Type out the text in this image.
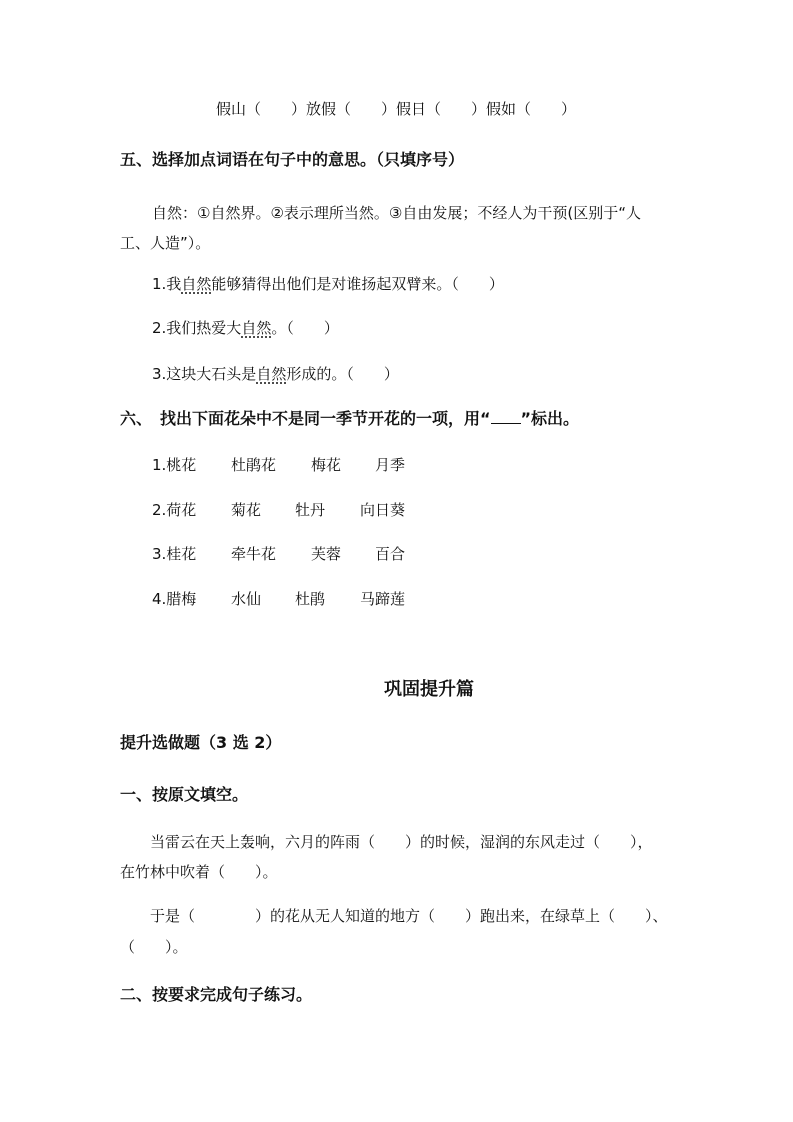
假山（　　）放假（　　）假日（　　）假如（　　）
五、选择加点词语在句子中的意思。（只填序号）
自然：①自然界。②表示理所当然。③自由发展；不经人为干预(区别于“人
工、人造”）。
1.我自然能够猜得出他们是对谁扬起双臂来。（　　）
2.我们热爱大自然。（　　）
3.这块大石头是自然形成的。（　　）
六、　找出下面花朵中不是同一季节开花的一项，用“ ”标出。
1.桃花 杜鹃花 梅花 月季
2.荷花 菊花 牡丹 向日葵
3.桂花 牵牛花 芙蓉 百合
4.腊梅 水仙 杜鹃 马蹄莲
巩固提升篇
提升选做题（3 选 2）
一、按原文填空。
当雷云在天上轰响，六月的阵雨（　　）的时候，湿润的东风走过（　　），
在竹林中吹着（　　）。
于是（　　　　）的花从无人知道的地方（　　）跑出来，在绿草上（　　）、
（　　）。
二、按要求完成句子练习。
